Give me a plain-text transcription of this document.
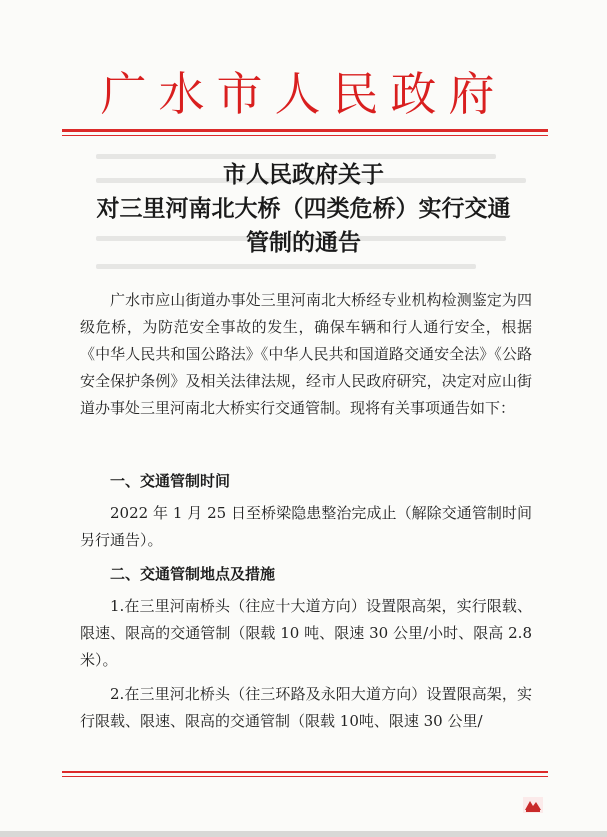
广水市人民政府
市人民政府关于
对三里河南北大桥（四类危桥）实行交通
管制的通告
广水市应山街道办事处三里河南北大桥经专业机构检测鉴定为四级危桥，为防范安全事故的发生，确保车辆和行人通行安全，根据《中华人民共和国公路法》《中华人民共和国道路交通安全法》《公路安全保护条例》及相关法律法规，经市人民政府研究，决定对应山街道办事处三里河南北大桥实行交通管制。现将有关事项通告如下：
一、交通管制时间
2022 年 1 月 25 日至桥梁隐患整治完成止（解除交通管制时间另行通告）。
二、交通管制地点及措施
1.在三里河南桥头（往应十大道方向）设置限高架，实行限载、限速、限高的交通管制（限载 10 吨、限速 30 公里/小时、限高 2.8 米）。
2.在三里河北桥头（往三环路及永阳大道方向）设置限高架，实行限载、限速、限高的交通管制（限载 10吨、限速 30 公里/
